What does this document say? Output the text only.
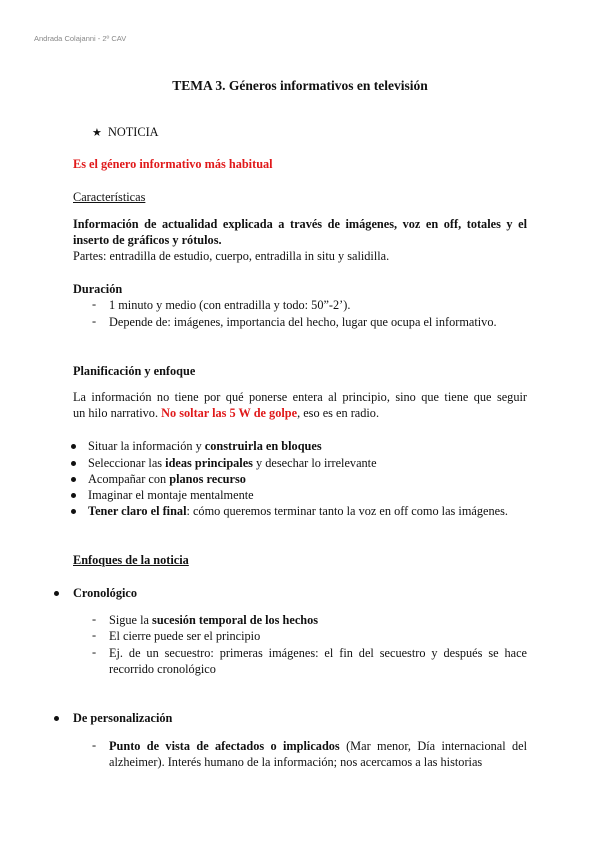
Andrada Colajanni - 2º CAV
TEMA 3. Géneros informativos en televisión
★ NOTICIA
Es el género informativo más habitual
Características
Información de actualidad explicada a través de imágenes, voz en off, totales y el
inserto de gráficos y rótulos.
Partes: entradilla de estudio, cuerpo, entradilla in situ y salidilla.
Duración
- 1 minuto y medio (con entradilla y todo: 50”-2’).
- Depende de: imágenes, importancia del hecho, lugar que ocupa el informativo.
Planificación y enfoque
La información no tiene por qué ponerse entera al principio, sino que tiene que seguir
un hilo narrativo. No soltar las 5 W de golpe, eso es en radio.
Situar la información y construirla en bloques
Seleccionar las ideas principales y desechar lo irrelevante
Acompañar con planos recurso
Imaginar el montaje mentalmente
Tener claro el final: cómo queremos terminar tanto la voz en off como las imágenes.
Enfoques de la noticia
Cronológico
- Sigue la sucesión temporal de los hechos
- El cierre puede ser el principio
- Ej. de un secuestro: primeras imágenes: el fin del secuestro y después se hace
recorrido cronológico
De personalización
- Punto de vista de afectados o implicados (Mar menor, Día internacional del
alzheimer). Interés humano de la información; nos acercamos a las historias
